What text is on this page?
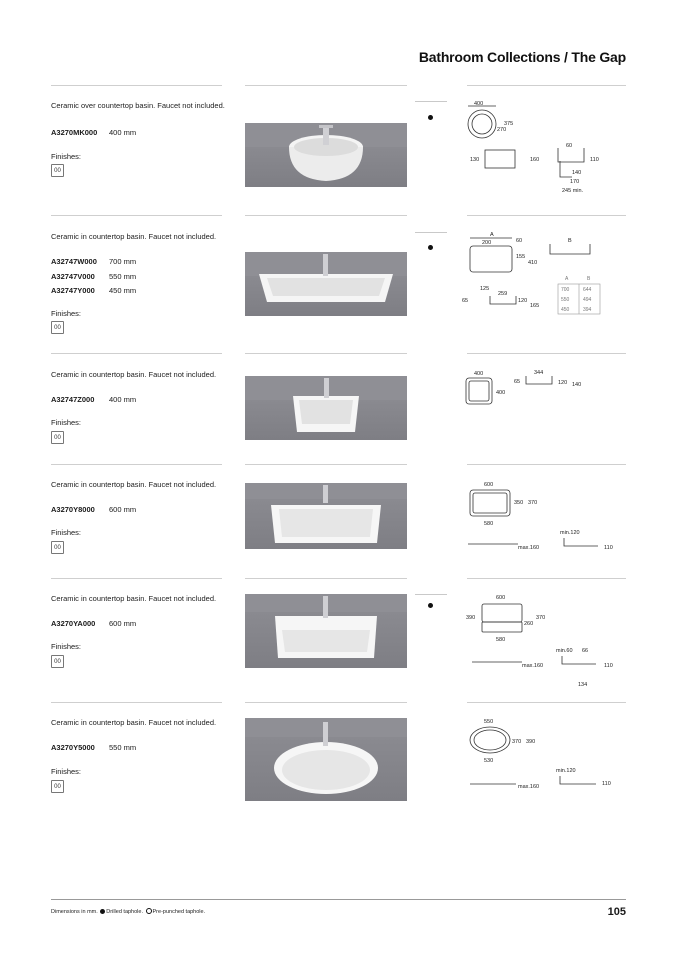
Bathroom Collections / The Gap
Ceramic over countertop basin. Faucet not included.
A3270MK000 400 mm
Finishes:
00
400
375
270
130	160
60
110
140
170
245 min.
Ceramic in countertop basin. Faucet not included.
A32747W000 700 mm
A32747V000 550 mm
A32747Y000 450 mm
Finishes:
00
A
200	60
155
410
B
125
259
65	120
165
A	B
700	644
550	494
450	394
Ceramic in countertop basin. Faucet not included.
A32747Z000 400 mm
Finishes:
00
400
400
344
65	120 140
Ceramic in countertop basin. Faucet not included.
A3270Y8000 600 mm
Finishes:
00
600
350 370
580
max.160
min.120
110
Ceramic in countertop basin. Faucet not included.
A3270YA000 600 mm
Finishes:
00
600
390	370
260
580
max.160
min.60 66
110
134
Ceramic in countertop basin. Faucet not included.
A3270Y5000 550 mm
Finishes:
00
550
370 390
530
max.160
min.120
110
Dimensions in mm. Drilled taphole. Pre-punched taphole.	105
